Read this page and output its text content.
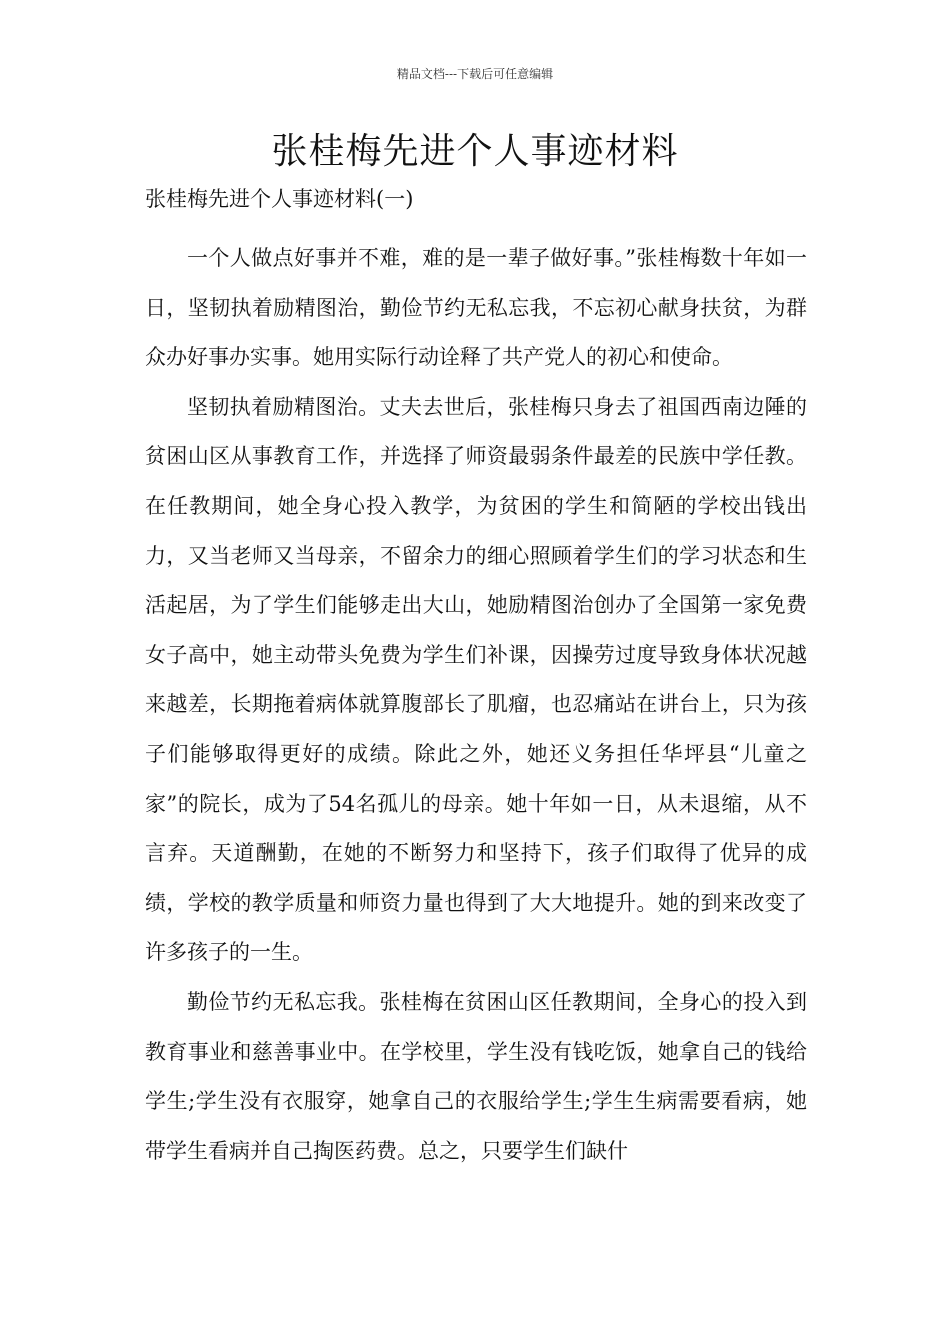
精品文档---下载后可任意编辑
张桂梅先进个人事迹材料

张桂梅先进个人事迹材料(一)

一个人做点好事并不难，难的是一辈子做好事。”张桂梅数十年如一日，坚韧执着励精图治，勤俭节约无私忘我，不忘初心献身扶贫，为群众办好事办实事。她用实际行动诠释了共产党人的初心和使命。

坚韧执着励精图治。丈夫去世后，张桂梅只身去了祖国西南边陲的贫困山区从事教育工作，并选择了师资最弱条件最差的民族中学任教。在任教期间，她全身心投入教学，为贫困的学生和简陋的学校出钱出力，又当老师又当母亲，不留余力的细心照顾着学生们的学习状态和生活起居，为了学生们能够走出大山，她励精图治创办了全国第一家免费女子高中，她主动带头免费为学生们补课，因操劳过度导致身体状况越来越差，长期拖着病体就算腹部长了肌瘤，也忍痛站在讲台上，只为孩子们能够取得更好的成绩。除此之外，她还义务担任华坪县“儿童之家”的院长，成为了54名孤儿的母亲。她十年如一日，从未退缩，从不言弃。天道酬勤，在她的不断努力和坚持下，孩子们取得了优异的成绩，学校的教学质量和师资力量也得到了大大地提升。她的到来改变了许多孩子的一生。

勤俭节约无私忘我。张桂梅在贫困山区任教期间，全身心的投入到教育事业和慈善事业中。在学校里，学生没有钱吃饭，她拿自己的钱给学生;学生没有衣服穿，她拿自己的衣服给学生;学生生病需要看病，她带学生看病并自己掏医药费。总之，只要学生们缺什
